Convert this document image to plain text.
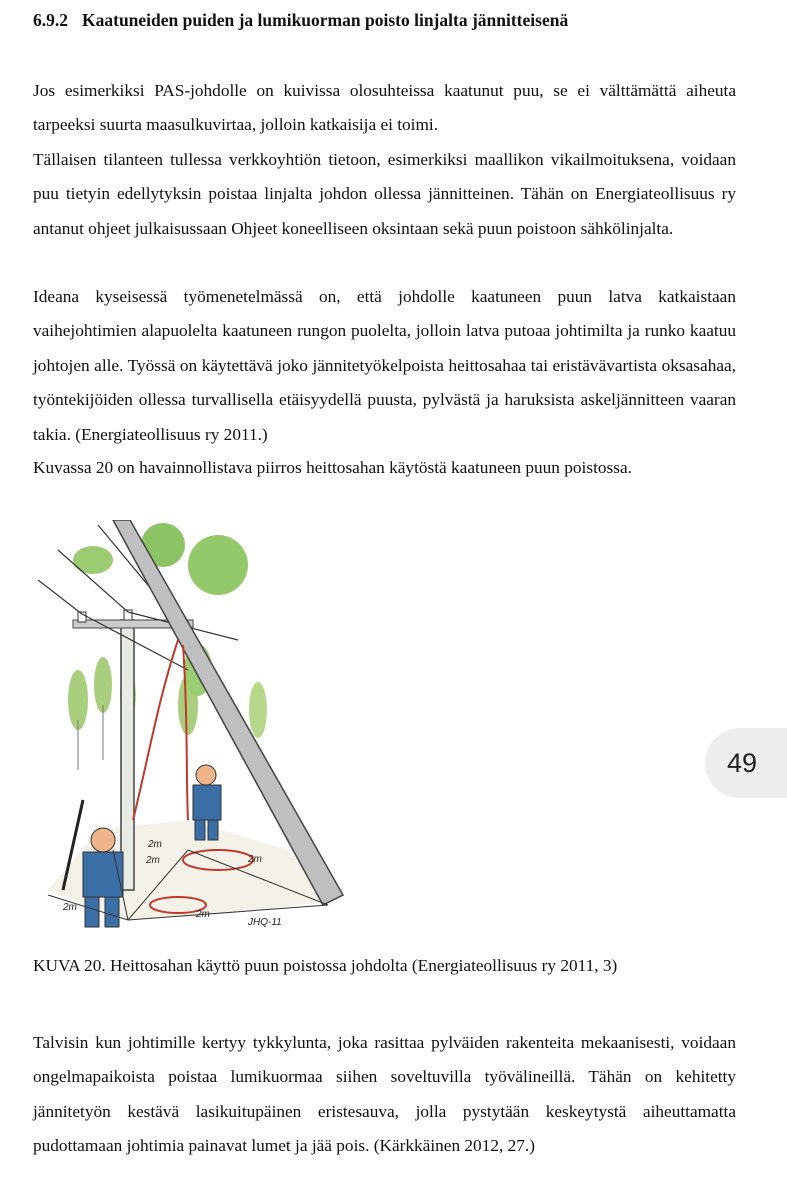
6.9.2 Kaatuneiden puiden ja lumikuorman poisto linjalta jännitteisenä

Jos esimerkiksi PAS-johdolle on kuivissa olosuhteissa kaatunut puu, se ei välttämättä aiheuta tarpeeksi suurta maasulkuvirtaa, jolloin katkaisija ei toimi.

Tällaisen tilanteen tullessa verkkoyhtiön tietoon, esimerkiksi maallikon vikailmoituksena, voidaan puu tietyin edellytyksin poistaa linjalta johdon ollessa jännitteinen. Tähän on Energiateollisuus ry antanut ohjeet julkaisussaan Ohjeet koneelliseen oksintaan sekä puun poistoon sähkölinjalta.

Ideana kyseisessä työmenetelmässä on, että johdolle kaatuneen puun latva katkaistaan vaihejohtimien alapuolelta kaatuneen rungon puolelta, jolloin latva putoaa johtimilta ja runko kaatuu johtojen alle. Työssä on käytettävä joko jännitetyökelpoista heittosahaa tai eristävävartista oksasahaa, työntekijöiden ollessa turvallisella etäisyydellä puusta, pylvästä ja haruksista askeljännitteen vaaran takia. (Energiateollisuus ry 2011.)

Kuvassa 20 on havainnollistava piirros heittosahan käytöstä kaatuneen puun poistossa.

2m
2m	2m
2m
2m
JHQ-11
KUVA 20. Heittosahan käyttö puun poistossa johdolta (Energiateollisuus ry 2011, 3)

Talvisin kun johtimille kertyy tykkylunta, joka rasittaa pylväiden rakenteita mekaanisesti, voidaan ongelmapaikoista poistaa lumikuormaa siihen soveltuvilla työvälineillä. Tähän on kehitetty jännitetyön kestävä lasikuitupäinen eristesauva, jolla pystytään keskeytystä aiheuttamatta pudottamaan johtimia painavat lumet ja jää pois. (Kärkkäinen 2012, 27.)

49
